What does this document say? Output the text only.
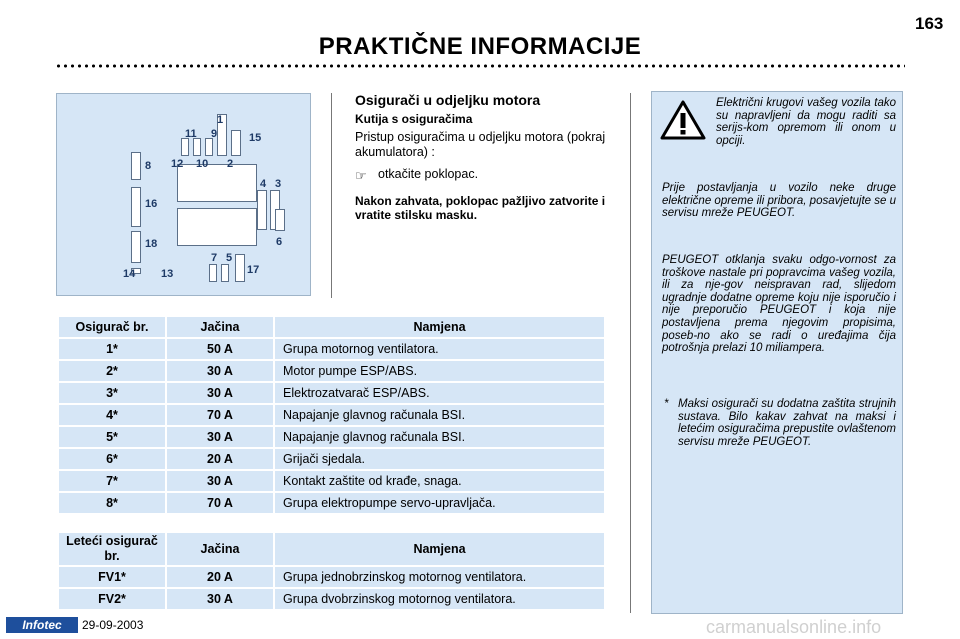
163
PRAKTIČNE INFORMACIJE
1
2
3
4
5
6
7
8
9
10
11
12
13
14
15
16
17
18
Osigurači u odjeljku motora
Kutija s osiguračima
Pristup osiguračima u odjeljku motora (pokraj akumulatora) :
☞ otkačite poklopac.
Nakon zahvata, poklopac pažljivo zatvorite i vratite stilsku masku.
Osigurač br.	Jačina	Namjena
1*	50 A	Grupa motornog ventilatora.
2*	30 A	Motor pumpe ESP/ABS.
3*	30 A	Elektrozatvarač ESP/ABS.
4*	70 A	Napajanje glavnog računala BSI.
5*	30 A	Napajanje glavnog računala BSI.
6*	20 A	Grijači sjedala.
7*	30 A	Kontakt zaštite od krađe, snaga.
8*	70 A	Grupa elektropumpe servo-upravljača.
Leteći osigurač br.	Jačina	Namjena
FV1*	20 A	Grupa jednobrzinskog motornog ventilatora.
FV2*	30 A	Grupa dvobrzinskog motornog ventilatora.
Električni krugovi vašeg vozila tako su napravljeni da mogu raditi sa serijs-kom opremom ili onom u opciji.
Prije postavljanja u vozilo neke druge električne opreme ili pribora, posavjetujte se u servisu mreže PEUGEOT.
PEUGEOT otklanja svaku odgo-vornost za troškove nastale pri popravcima vašeg vozila, ili za nje-gov neispravan rad, slijedom ugradnje dodatne opreme koju nije isporučio i nije preporučio PEUGEOT i koja nije postavljena prema njegovim propisima, poseb-no ako se radi o uređajima čija potrošnja prelazi 10 miliampera.
* Maksi osigurači su dodatna zaštita strujnih sustava. Bilo kakav zahvat na maksi i letećim osiguračima prepustite ovlaštenom servisu mreže PEUGEOT.
Infotec	29-09-2003	carmanualsonline.info
